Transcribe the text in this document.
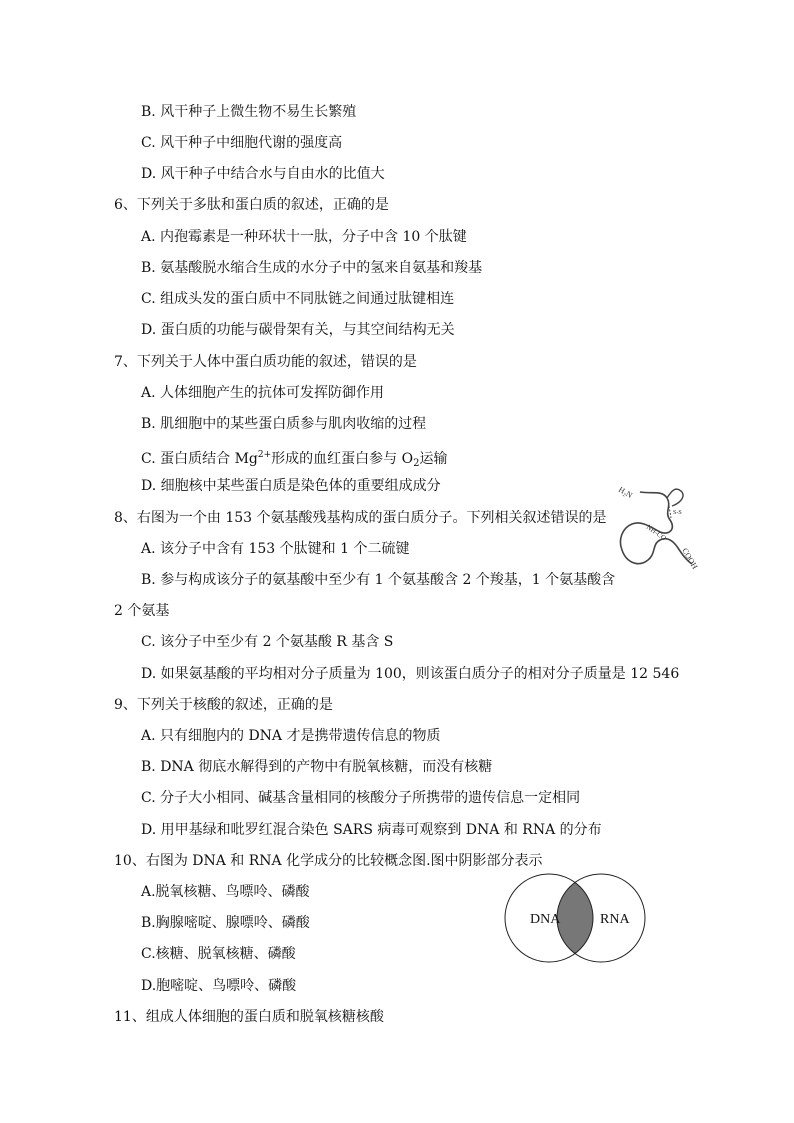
B. 风干种子上微生物不易生长繁殖
C. 风干种子中细胞代谢的强度高
D. 风干种子中结合水与自由水的比值大
6、下列关于多肽和蛋白质的叙述，正确的是
A. 内孢霉素是一种环状十一肽，分子中含 10 个肽键
B. 氨基酸脱水缩合生成的水分子中的氢来自氨基和羧基
C. 组成头发的蛋白质中不同肽链之间通过肽键相连
D. 蛋白质的功能与碳骨架有关，与其空间结构无关
7、下列关于人体中蛋白质功能的叙述，错误的是
A. 人体细胞产生的抗体可发挥防御作用
B. 肌细胞中的某些蛋白质参与肌肉收缩的过程
C. 蛋白质结合 $Mg^{2+}$形成的血红蛋白参与 $O_2$运输
D. 细胞核中某些蛋白质是染色体的重要组成成分
8、右图为一个由 153 个氨基酸残基构成的蛋白质分子。下列相关叙述错误的是
A. 该分子中含有 153 个肽键和 1 个二硫键
B. 参与构成该分子的氨基酸中至少有 1 个氨基酸含 2 个羧基，1 个氨基酸含
2 个氨基
C. 该分子中至少有 2 个氨基酸 R 基含 S
D. 如果氨基酸的平均相对分子质量为 100，则该蛋白质分子的相对分子质量是 12 546
S-S
H₂N
NH-CO
COOH
9、下列关于核酸的叙述，正确的是
A. 只有细胞内的 DNA 才是携带遗传信息的物质
B. DNA 彻底水解得到的产物中有脱氧核糖，而没有核糖
C. 分子大小相同、碱基含量相同的核酸分子所携带的遗传信息一定相同
D. 用甲基绿和吡罗红混合染色 SARS 病毒可观察到 DNA 和 RNA 的分布
10、右图为 DNA 和 RNA 化学成分的比较概念图.图中阴影部分表示
A.脱氧核糖、鸟嘌呤、磷酸
B.胸腺嘧啶、腺嘌呤、磷酸
C.核糖、脱氧核糖、磷酸
D.胞嘧啶、鸟嘌呤、磷酸
DNA	RNA
11、组成人体细胞的蛋白质和脱氧核糖核酸
